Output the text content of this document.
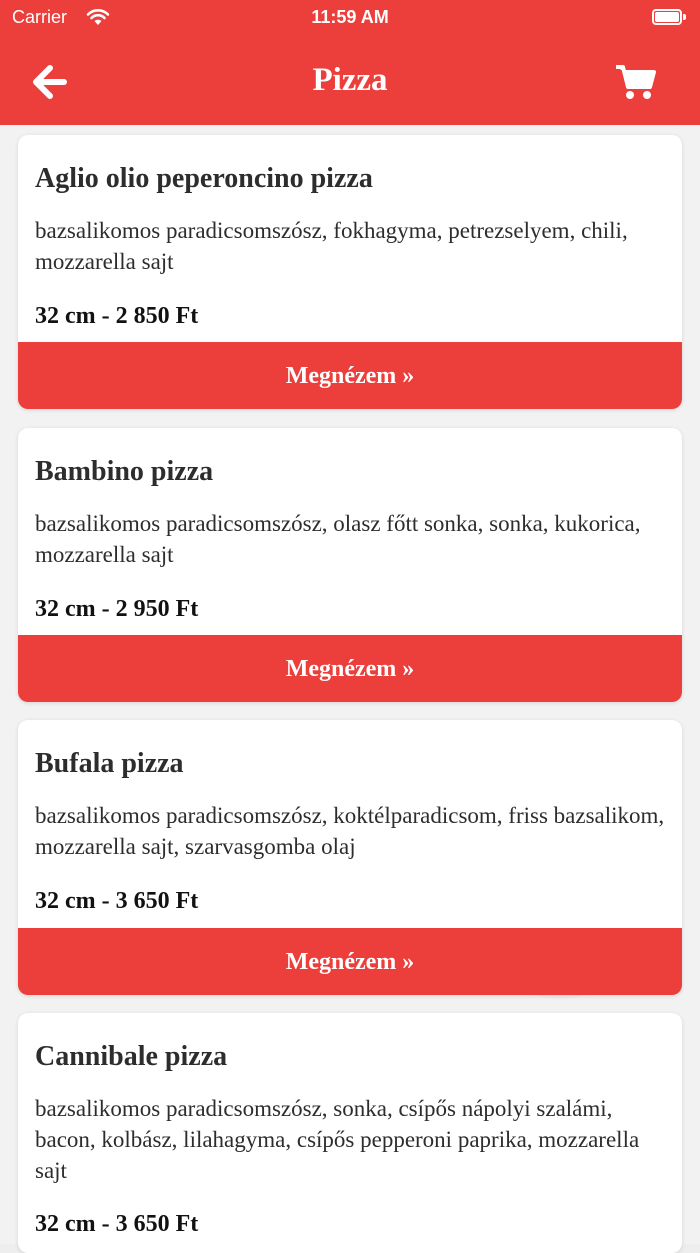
Carrier	11:59 AM
Pizza
Aglio olio peperoncino pizza
bazsalikomos paradicsomszósz, fokhagyma, petrezselyem, chili, mozzarella sajt
32 cm - 2 850 Ft
Megnézem »
Bambino pizza
bazsalikomos paradicsomszósz, olasz főtt sonka, sonka, kukorica, mozzarella sajt
32 cm - 2 950 Ft
Megnézem »
Bufala pizza
bazsalikomos paradicsomszósz, koktélparadicsom, friss bazsalikom, mozzarella sajt, szarvasgomba olaj
32 cm - 3 650 Ft
Megnézem »
Cannibale pizza
bazsalikomos paradicsomszósz, sonka, csípős nápolyi szalámi, bacon, kolbász, lilahagyma, csípős pepperoni paprika, mozzarella sajt
32 cm - 3 650 Ft
